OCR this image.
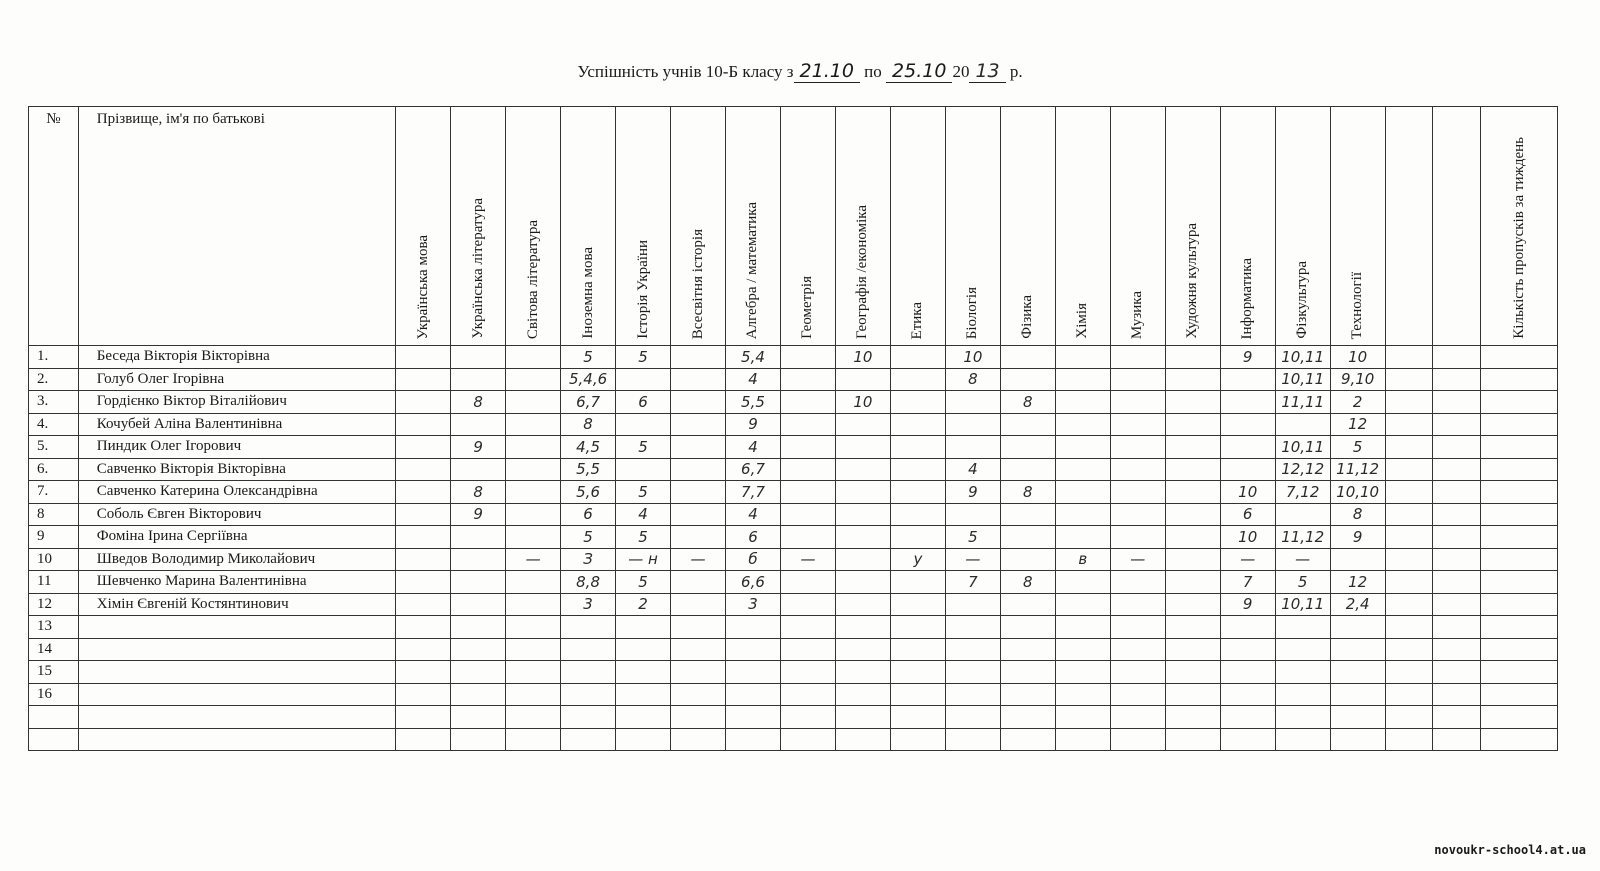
Успішність учнів 10-Б класу з 21.10 по 25.10 20 13 р.
№	Прізвище, ім'я по батькові	Українська мова	Українська література	Світова література	Іноземна мова	Історія України	Всесвітня історія	Алгебра / математика	Геометрія	Географія /економіка	Етика	Біологія	Фізика	Хімія	Музика	Художня культура	Інформатика	Фізкультура	Технології			Кількість пропусків за тиждень

1.	Беседа Вікторія Вікторівна				5	5		5,4		10		10					9	10,11	10			
2.	Голуб Олег Ігорівна				5,4,6			4				8						10,11	9,10			
3.	Гордієнко Віктор Віталійович		8		6,7	6		5,5		10			8					11,11	2			
4.	Кочубей Аліна Валентинівна				8			9											12			
5.	Пиндик Олег Ігорович		9		4,5	5		4										10,11	5			
6.	Савченко Вікторія Вікторівна				5,5			6,7				4						12,12	11,12			
7.	Савченко Катерина Олександрівна		8		5,6	5		7,7				9	8				10	7,12	10,10			
8	Соболь Євген Вікторович		9		6	4		4									6		8			
9	Фоміна Ірина Сергіївна				5	5		6				5					10	11,12	9			
10	Шведов Володимир Миколайович			—	З	— н	—	б	—		у	—		в	—		—	—				
11	Шевченко Марина Валентинівна				8,8	5		6,6				7	8				7	5	12			
12	Хімін Євгеній Костянтинович				3	2		3									9	10,11	2,4			
13																						
14																						
15																						
16																						

novoukr-school4.at.ua
